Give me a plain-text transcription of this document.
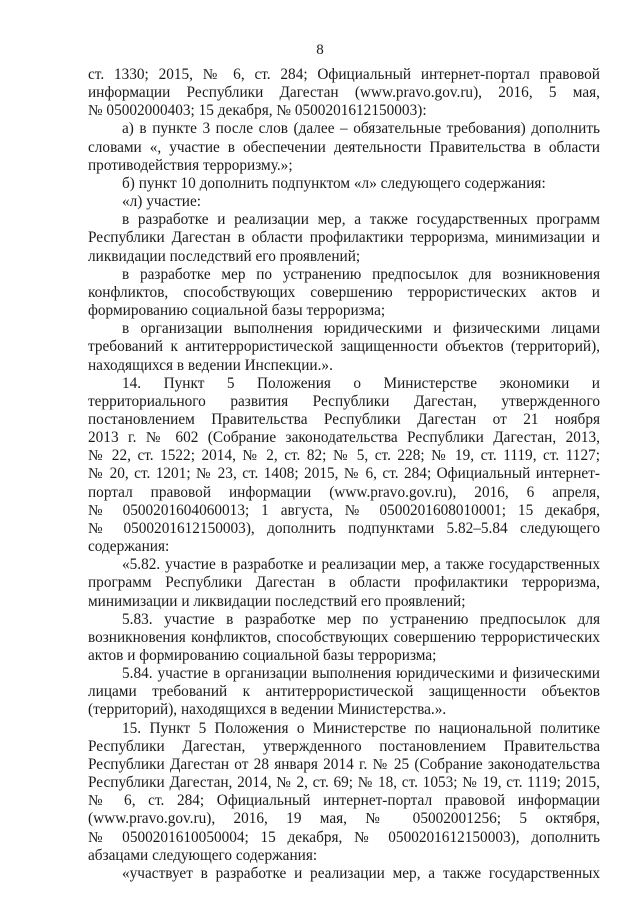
8
ст. 1330; 2015, № 6, ст. 284; Официальный интернет-портал правовой
информации Республики Дагестан (www.pravo.gov.ru), 2016, 5 мая,
№ 05002000403; 15 декабря, № 0500201612150003):
а) в пункте 3 после слов (далее – обязательные требования) дополнить
словами «, участие в обеспечении деятельности Правительства в области
противодействия терроризму.»;
б) пункт 10 дополнить подпунктом «л» следующего содержания:
«л) участие:
в разработке и реализации мер, а также государственных программ
Республики Дагестан в области профилактики терроризма, минимизации и
ликвидации последствий его проявлений;
в разработке мер по устранению предпосылок для возникновения
конфликтов, способствующих совершению террористических актов и
формированию социальной базы терроризма;
в организации выполнения юридическими и физическими лицами
требований к антитеррористической защищенности объектов (территорий),
находящихся в ведении Инспекции.».
14. Пункт 5 Положения о Министерстве экономики и
территориального развития Республики Дагестан, утвержденного
постановлением Правительства Республики Дагестан от 21 ноября
2013 г. № 602 (Собрание законодательства Республики Дагестан, 2013,
№ 22, ст. 1522; 2014, № 2, ст. 82; № 5, ст. 228; № 19, ст. 1119, ст. 1127;
№ 20, ст. 1201; № 23, ст. 1408; 2015, № 6, ст. 284; Официальный интернет-
портал правовой информации (www.pravo.gov.ru), 2016, 6 апреля,
№ 0500201604060013; 1 августа, № 0500201608010001; 15 декабря,
№ 0500201612150003), дополнить подпунктами 5.82–5.84 следующего
содержания:
«5.82. участие в разработке и реализации мер, а также государственных
программ Республики Дагестан в области профилактики терроризма,
минимизации и ликвидации последствий его проявлений;
5.83. участие в разработке мер по устранению предпосылок для
возникновения конфликтов, способствующих совершению террористических
актов и формированию социальной базы терроризма;
5.84. участие в организации выполнения юридическими и физическими
лицами требований к антитеррористической защищенности объектов
(территорий), находящихся в ведении Министерства.».
15. Пункт 5 Положения о Министерстве по национальной политике
Республики Дагестан, утвержденного постановлением Правительства
Республики Дагестан от 28 января 2014 г. № 25 (Собрание законодательства
Республики Дагестан, 2014, № 2, ст. 69; № 18, ст. 1053; № 19, ст. 1119; 2015,
№ 6, ст. 284; Официальный интернет-портал правовой информации
(www.pravo.gov.ru), 2016, 19 мая, № 05002001256; 5 октября,
№ 0500201610050004; 15 декабря, № 0500201612150003), дополнить
абзацами следующего содержания:
«участвует в разработке и реализации мер, а также государственных
